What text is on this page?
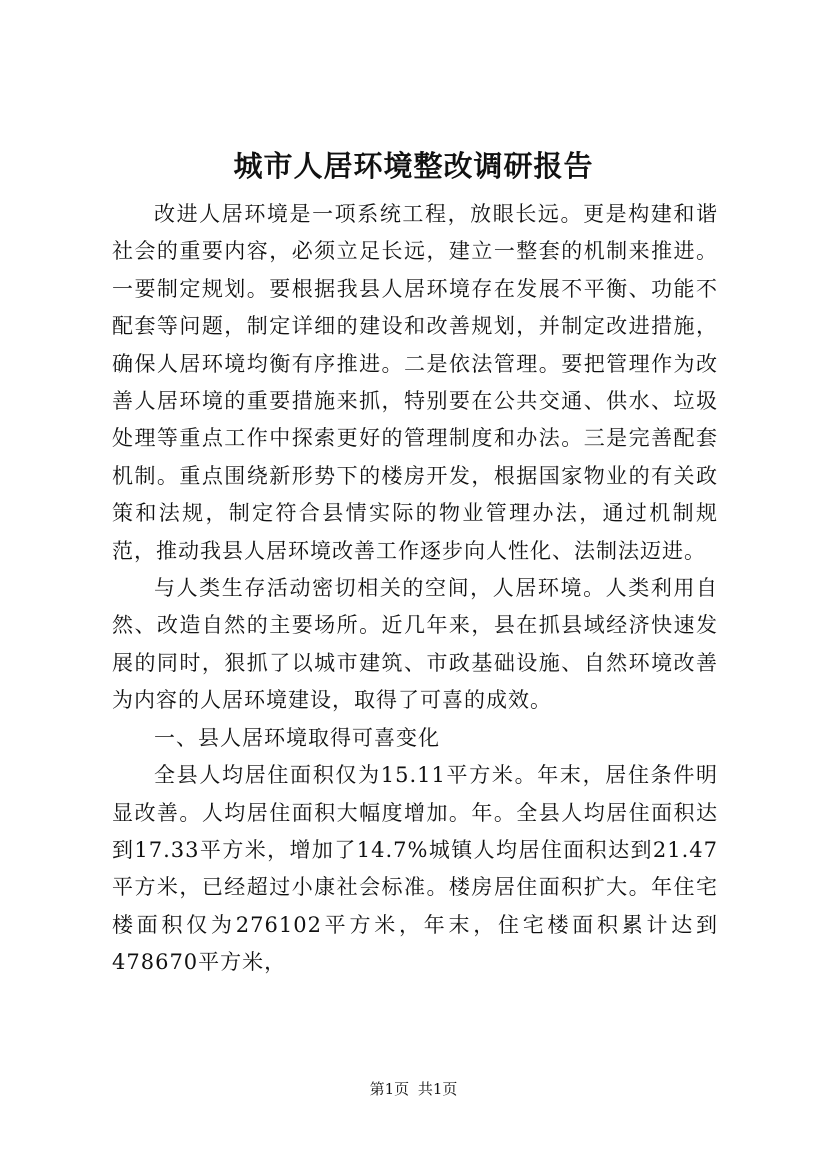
城市人居环境整改调研报告

改进人居环境是一项系统工程，放眼长远。更是构建和谐社会的重要内容，必须立足长远，建立一整套的机制来推进。一要制定规划。要根据我县人居环境存在发展不平衡、功能不配套等问题，制定详细的建设和改善规划，并制定改进措施，确保人居环境均衡有序推进。二是依法管理。要把管理作为改善人居环境的重要措施来抓，特别要在公共交通、供水、垃圾处理等重点工作中探索更好的管理制度和办法。三是完善配套机制。重点围绕新形势下的楼房开发，根据国家物业的有关政策和法规，制定符合县情实际的物业管理办法，通过机制规范，推动我县人居环境改善工作逐步向人性化、法制法迈进。

与人类生存活动密切相关的空间，人居环境。人类利用自然、改造自然的主要场所。近几年来，县在抓县域经济快速发展的同时，狠抓了以城市建筑、市政基础设施、自然环境改善为内容的人居环境建设，取得了可喜的成效。

一、县人居环境取得可喜变化

全县人均居住面积仅为15.11平方米。年末，居住条件明显改善。人均居住面积大幅度增加。年。全县人均居住面积达到17.33平方米，增加了14.7%城镇人均居住面积达到21.47平方米，已经超过小康社会标准。楼房居住面积扩大。年住宅楼面积仅为276102平方米，年末，住宅楼面积累计达到478670平方米，

第1页 共1页
